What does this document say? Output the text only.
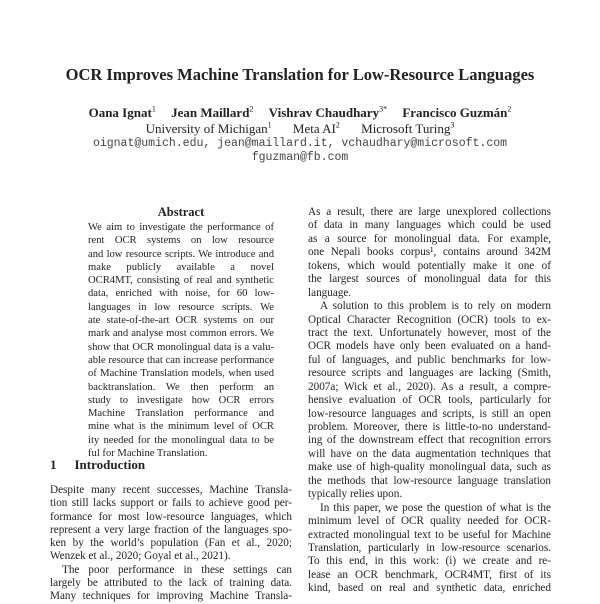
OCR Improves Machine Translation for Low-Resource Languages
Oana Ignat$^1$ Jean Maillard$^2$ Vishrav Chaudhary$^{3*}$ Francisco Guzmán$^2$
University of Michigan$^1$ Meta $AI^2$ Microsoft Turing$^3$
oignat@umich.edu, jean@maillard.it, vchaudhary@microsoft.com
fguzman@fb.com
Abstract
We aim to investigate the performance of
rent OCR systems on low resource
and low resource scripts. We introduce and
make publicly available a novel
OCR4MT, consisting of real and synthetic
data, enriched with noise, for 60 low-
languages in low resource scripts. We
ate state-of-the-art OCR systems on our
mark and analyse most common errors. We
show that OCR monolingual data is a valu-
able resource that can increase performance
of Machine Translation models, when used
backtranslation. We then perform an
study to investigate how OCR errors
Machine Translation performance and
mine what is the minimum level of OCR
ity needed for the monolingual data to be
ful for Machine Translation.
1 Introduction
Despite many recent successes, Machine Transla-
tion still lacks support or fails to achieve good per-
formance for most low-resource languages, which
represent a very large fraction of the languages spo-
ken by the world’s population (Fan et al., 2020;
Wenzek et al., 2020; Goyal et al., 2021).
The poor performance in these settings can
largely be attributed to the lack of training data.
Many techniques for improving Machine Transla-
As a result, there are large unexplored collections
of data in many languages which could be used
as a source for monolingual data. For example,
one Nepali books corpus¹, contains around 342M
tokens, which would potentially make it one of
the largest sources of monolingual data for this
language.
A solution to this problem is to rely on modern
Optical Character Recognition (OCR) tools to ex-
tract the text. Unfortunately however, most of the
OCR models have only been evaluated on a hand-
ful of languages, and public benchmarks for low-
resource scripts and languages are lacking (Smith,
2007a; Wick et al., 2020). As a result, a compre-
hensive evaluation of OCR tools, particularly for
low-resource languages and scripts, is still an open
problem. Moreover, there is little-to-no understand-
ing of the downstream effect that recognition errors
will have on the data augmentation techniques that
make use of high-quality monolingual data, such as
the methods that low-resource language translation
typically relies upon.
In this paper, we pose the question of what is the
minimum level of OCR quality needed for OCR-
extracted monolingual text to be useful for Machine
Translation, particularly in low-resource scenarios.
To this end, in this work: (i) we create and re-
lease an OCR benchmark, OCR4MT, first of its
kind, based on real and synthetic data, enriched
